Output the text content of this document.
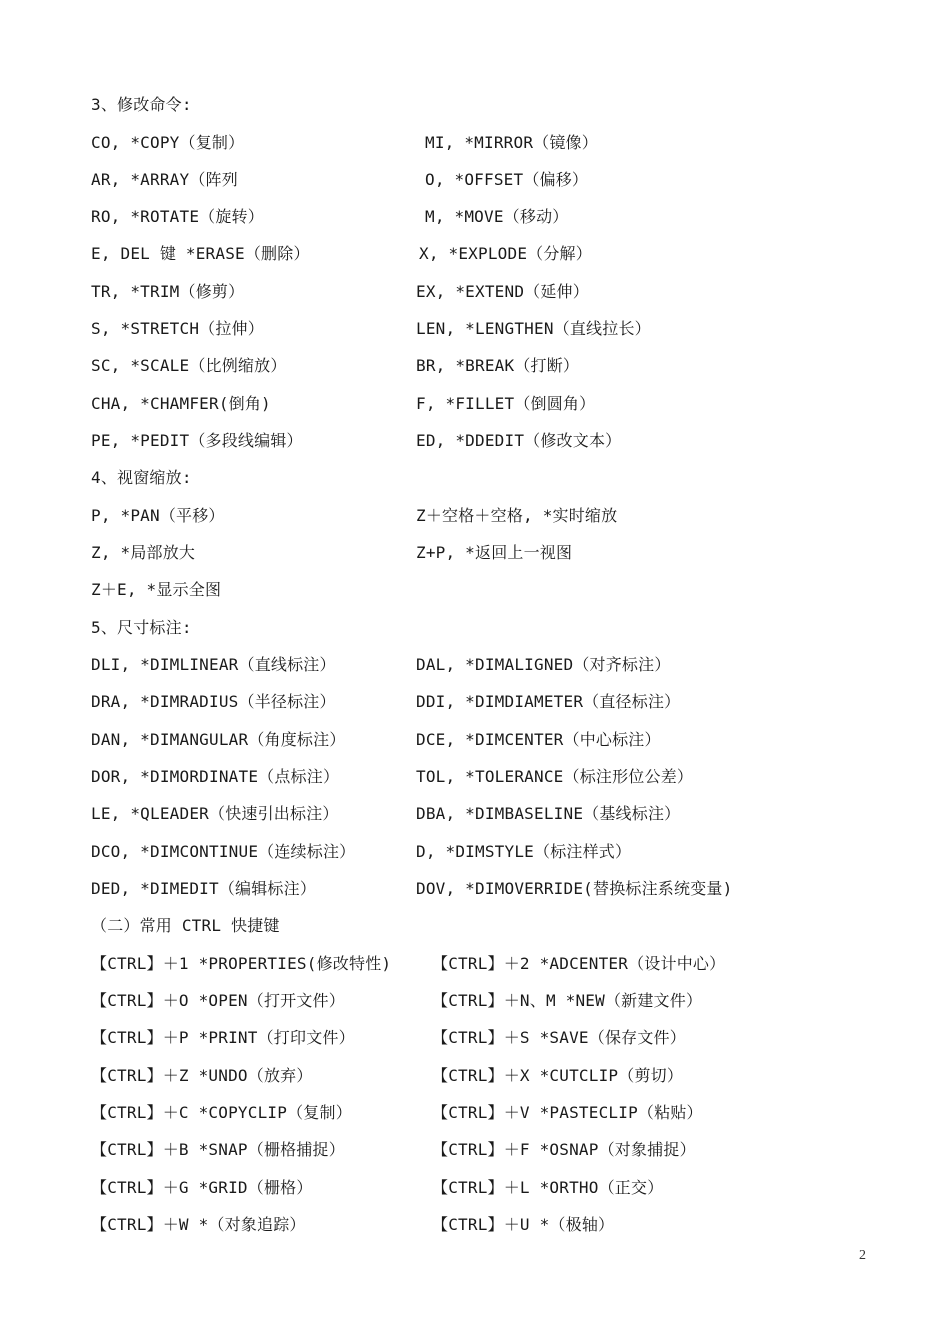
3、修改命令:
CO, *COPY（复制）	MI, *MIRROR（镜像）
AR, *ARRAY（阵列	O, *OFFSET（偏移）
RO, *ROTATE（旋转）	M, *MOVE（移动）
E, DEL 键 *ERASE（删除）	X, *EXPLODE（分解）
TR, *TRIM（修剪）	EX, *EXTEND（延伸）
S, *STRETCH（拉伸）	LEN, *LENGTHEN（直线拉长）
SC, *SCALE（比例缩放）	BR, *BREAK（打断）
CHA, *CHAMFER(倒角)	F, *FILLET（倒圆角）
PE, *PEDIT（多段线编辑）	ED, *DDEDIT（修改文本）
4、视窗缩放:
P, *PAN（平移）	Z＋空格＋空格, *实时缩放
Z, *局部放大	Z+P, *返回上一视图
Z＋E, *显示全图
5、尺寸标注:
DLI, *DIMLINEAR（直线标注）	DAL, *DIMALIGNED（对齐标注）
DRA, *DIMRADIUS（半径标注）	DDI, *DIMDIAMETER（直径标注）
DAN, *DIMANGULAR（角度标注）	DCE, *DIMCENTER（中心标注）
DOR, *DIMORDINATE（点标注）	TOL, *TOLERANCE（标注形位公差）
LE, *QLEADER（快速引出标注）	DBA, *DIMBASELINE（基线标注）
DCO, *DIMCONTINUE（连续标注）	D, *DIMSTYLE（标注样式）
DED, *DIMEDIT（编辑标注）	DOV, *DIMOVERRIDE(替换标注系统变量)
（二）常用 CTRL 快捷键
【CTRL】＋1 *PROPERTIES(修改特性)	【CTRL】＋2 *ADCENTER（设计中心）
【CTRL】＋O *OPEN（打开文件）	【CTRL】＋N、M *NEW（新建文件）
【CTRL】＋P *PRINT（打印文件）	【CTRL】＋S *SAVE（保存文件）
【CTRL】＋Z *UNDO（放弃）	【CTRL】＋X *CUTCLIP（剪切）
【CTRL】＋C *COPYCLIP（复制）	【CTRL】＋V *PASTECLIP（粘贴）
【CTRL】＋B *SNAP（栅格捕捉）	【CTRL】＋F *OSNAP（对象捕捉）
【CTRL】＋G *GRID（栅格）	【CTRL】＋L *ORTHO（正交）
【CTRL】＋W *（对象追踪）	【CTRL】＋U *（极轴）
2
